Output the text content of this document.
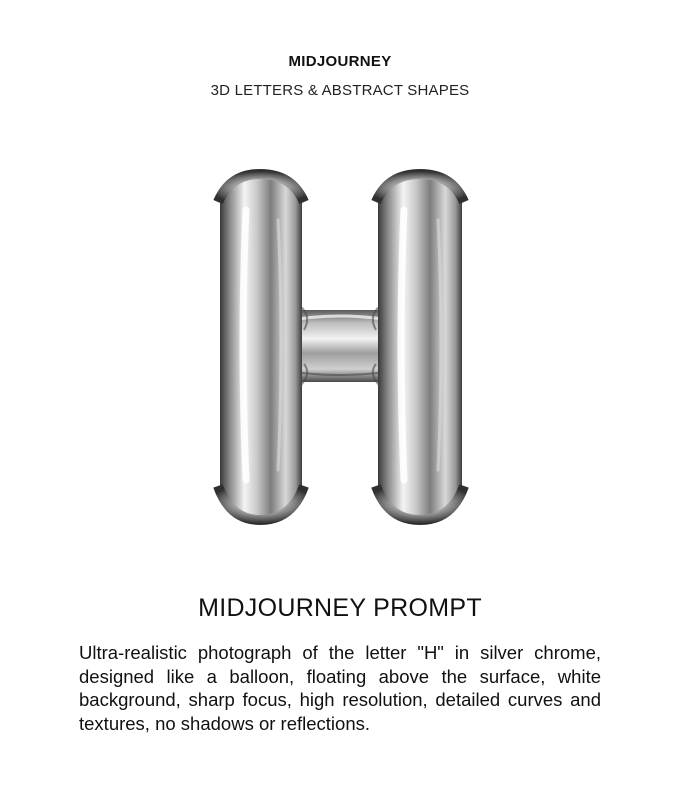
MIDJOURNEY
3D LETTERS & ABSTRACT SHAPES
MIDJOURNEY PROMPT
Ultra-realistic photograph of the letter "H" in silver chrome, designed like a balloon, floating above the surface, white background, sharp focus, high resolution, detailed curves and textures, no shadows or reflections.
